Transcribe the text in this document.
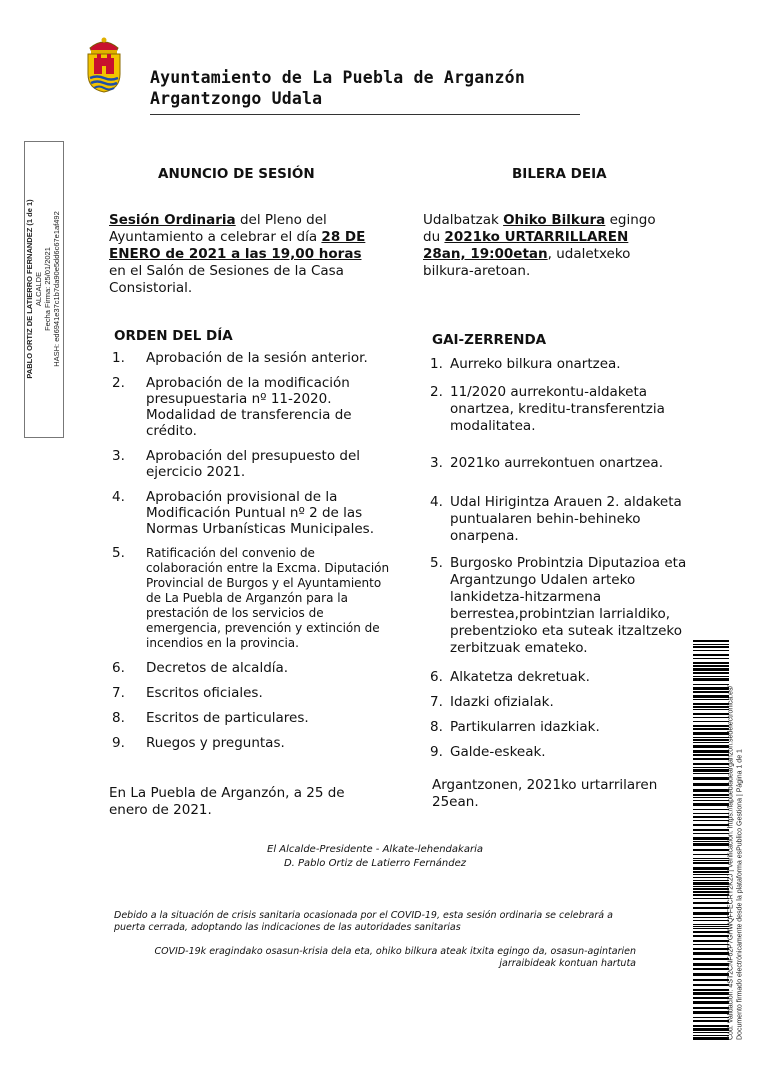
Ayuntamiento de La Puebla de Arganzón
Argantzongo Udala
PABLO ORTIZ DE LATIERRO FERNANDEZ (1 de 1) ALCALDE Fecha Firma: 25/01/2021 HASH: ed6941e37c1b7da90e5dd6c67e1af492
ANUNCIO DE SESIÓN
Sesión Ordinaria del Pleno del Ayuntamiento a celebrar el día 28 DE ENERO de 2021 a las 19,00 horas en el Salón de Sesiones de la Casa Consistorial.
ORDEN DEL DÍA
1.	Aprobación de la sesión anterior.
2.	Aprobación de la modificación presupuestaria nº 11-2020. Modalidad de transferencia de crédito.
3.	Aprobación del presupuesto del ejercicio 2021.
4.	Aprobación provisional de la Modificación Puntual nº 2 de las Normas Urbanísticas Municipales.
5.	Ratificación del convenio de colaboración entre la Excma. Diputación Provincial de Burgos y el Ayuntamiento de La Puebla de Arganzón para la prestación de los servicios de emergencia, prevención y extinción de incendios en la provincia.
6.	Decretos de alcaldía.
7.	Escritos oficiales.
8.	Escritos de particulares.
9.	Ruegos y preguntas.
En La Puebla de Arganzón, a 25 de enero de 2021.
BILERA DEIA
Udalbatzak Ohiko Bilkura egingo du 2021ko URTARRILLAREN 28an, 19:00etan, udaletxeko bilkura-aretoan.
GAI-ZERRENDA
1. Aurreko bilkura onartzea.
2. 11/2020 aurrekontu-aldaketa onartzea, kreditu-transferentzia modalitatea.
3. 2021ko aurrekontuen onartzea.
4. Udal Hirigintza Arauen 2. aldaketa puntualaren behin-behineko onarpena.
5. Burgosko Probintzia Diputazioa eta Argantzungo Udalen arteko lankidetza-hitzarmena berrestea,probintzian larrialdiko, prebentzioko eta suteak itzaltzeko zerbitzuak emateko.
6. Alkatetza dekretuak.
7. Idazki ofizialak.
8. Partikularren idazkiak.
9. Galde-eskeak.
Argantzonen, 2021ko urtarrilaren 25ean.
El Alcalde-Presidente - Alkate-lehendakaria
D. Pablo Ortiz de Latierro Fernández
Debido a la situación de crisis sanitaria ocasionada por el COVID-19, esta sesión ordinaria se celebrará a puerta cerrada, adoptando las indicaciones de las autoridades sanitarias
COVID-19k eragindako osasun-krisia dela eta, ohiko bilkura ateak itxita egingo da, osasun-agintarien jarraibideak kontuan hartuta	Cód. Validación: 4ST2CNF62P7GHWQFFECRY2K2J | Verificación: https://lapuebladearganzon.sedelectronica.es/ Documento firmado electrónicamente desde la plataforma esPublico Gestiona | Página 1 de 1
